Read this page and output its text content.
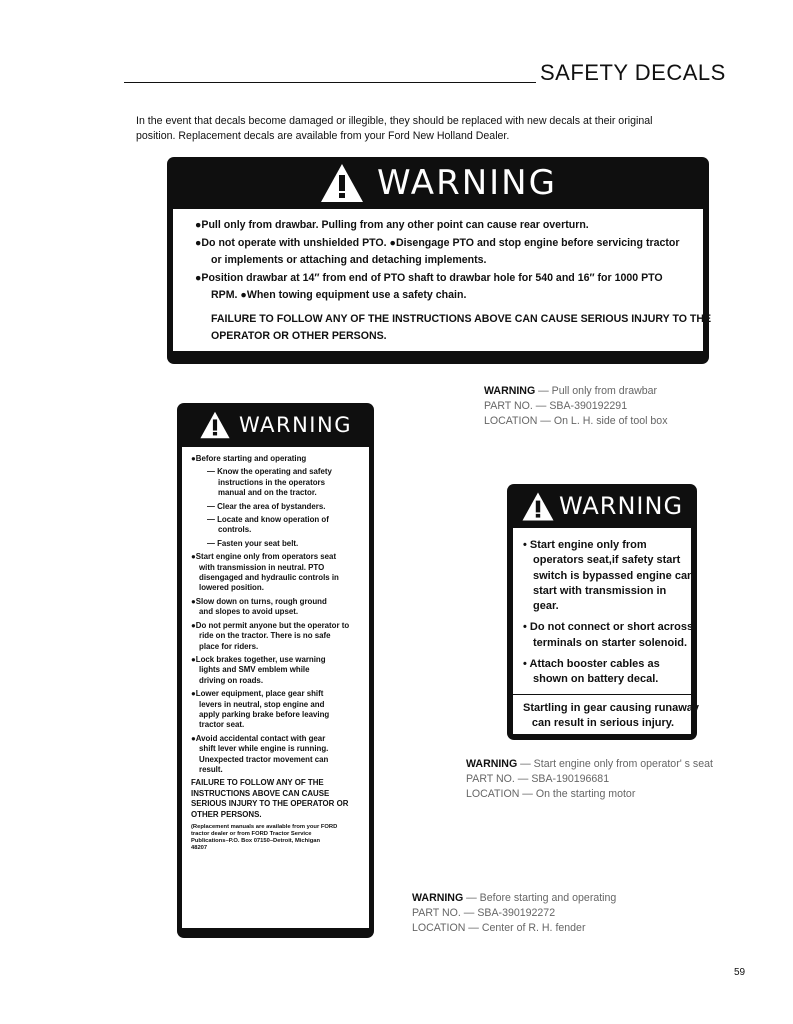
SAFETY DECALS
In the event that decals become damaged or illegible, they should be replaced with new decals at their original
position. Replacement decals are available from your Ford New Holland Dealer.
WARNING
●Pull only from drawbar. Pulling from any other point can cause rear overturn.
●Do not operate with unshielded PTO. ●Disengage PTO and stop engine before servicing tractor
or implements or attaching and detaching implements.
●Position drawbar at 14″ from end of PTO shaft to drawbar hole for 540 and 16″ for 1000 PTO
RPM. ●When towing equipment use a safety chain.
FAILURE TO FOLLOW ANY OF THE INSTRUCTIONS ABOVE CAN CAUSE SERIOUS INJURY TO THE
OPERATOR OR OTHER PERSONS.
WARNING — Pull only from drawbar
PART NO. — SBA-390192291
LOCATION — On L. H. side of tool box
WARNING
●Before starting and operating
— Know the operating and safety
instructions in the operators
manual and on the tractor.
— Clear the area of bystanders.
— Locate and know operation of
controls.
— Fasten your seat belt.
●Start engine only from operators seat
with transmission in neutral. PTO
disengaged and hydraulic controls in
lowered position.
●Slow down on turns, rough ground
and slopes to avoid upset.
●Do not permit anyone but the operator to
ride on the tractor. There is no safe
place for riders.
●Lock brakes together, use warning
lights and SMV emblem while
driving on roads.
●Lower equipment, place gear shift
levers in neutral, stop engine and
apply parking brake before leaving
tractor seat.
●Avoid accidental contact with gear
shift lever while engine is running.
Unexpected tractor movement can
result.
FAILURE TO FOLLOW ANY OF THE
INSTRUCTIONS ABOVE CAN CAUSE
SERIOUS INJURY TO THE OPERATOR OR
OTHER PERSONS.
(Replacement manuals are available from your FORD
tractor dealer or from FORD Tractor Service
Publications–P.O. Box 07150–Detroit, Michigan
48207
WARNING
• Start engine only from
operators seat,if safety start
switch is bypassed engine can
start with transmission in
gear.
• Do not connect or short across
terminals on starter solenoid.
• Attach booster cables as
shown on battery decal.
Startling in gear causing runaway
can result in serious injury.
WARNING — Start engine only from operator' s seat
PART NO. — SBA-190196681
LOCATION — On the starting motor
WARNING — Before starting and operating
PART NO. — SBA-390192272
LOCATION — Center of R. H. fender
59
